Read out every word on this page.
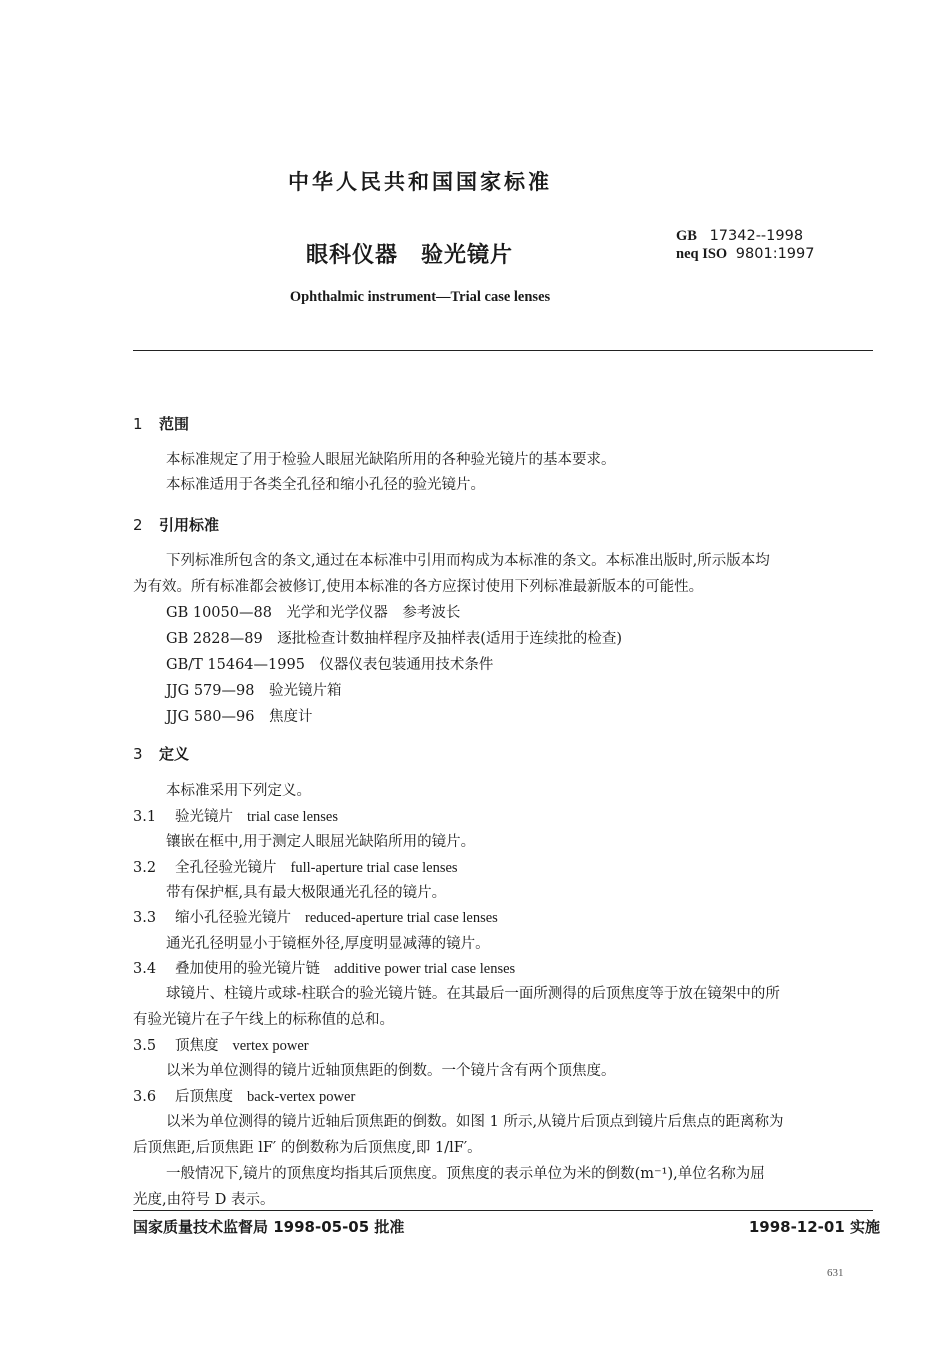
中华人民共和国国家标准
眼科仪器　验光镜片
GB 17342--1998
neq ISO 9801:1997
Ophthalmic instrument—Trial case lenses
1 范围
本标准规定了用于检验人眼屈光缺陷所用的各种验光镜片的基本要求。
本标准适用于各类全孔径和缩小孔径的验光镜片。
2 引用标准
下列标准所包含的条文,通过在本标准中引用而构成为本标准的条文。本标准出版时,所示版本均
为有效。所有标准都会被修订,使用本标准的各方应探讨使用下列标准最新版本的可能性。
GB 10050—88　光学和光学仪器　参考波长
GB 2828—89　逐批检查计数抽样程序及抽样表(适用于连续批的检查)
GB/T 15464—1995　仪器仪表包装通用技术条件
JJG 579—98　验光镜片箱
JJG 580—96　焦度计
3 定义
本标准采用下列定义。
3.1 验光镜片 trial case lenses
镶嵌在框中,用于测定人眼屈光缺陷所用的镜片。
3.2 全孔径验光镜片 full-aperture trial case lenses
带有保护框,具有最大极限通光孔径的镜片。
3.3 缩小孔径验光镜片 reduced-aperture trial case lenses
通光孔径明显小于镜框外径,厚度明显减薄的镜片。
3.4 叠加使用的验光镜片链 additive power trial case lenses
球镜片、柱镜片或球-柱联合的验光镜片链。在其最后一面所测得的后顶焦度等于放在镜架中的所
有验光镜片在子午线上的标称值的总和。
3.5 顶焦度 vertex power
以米为单位测得的镜片近轴顶焦距的倒数。一个镜片含有两个顶焦度。
3.6 后顶焦度 back-vertex power
以米为单位测得的镜片近轴后顶焦距的倒数。如图 1 所示,从镜片后顶点到镜片后焦点的距离称为
后顶焦距,后顶焦距 lF′ 的倒数称为后顶焦度,即 1/lF′。
一般情况下,镜片的顶焦度均指其后顶焦度。顶焦度的表示单位为米的倒数(m⁻¹),单位名称为屈
光度,由符号 D 表示。
国家质量技术监督局 1998-05-05 批准	1998-12-01 实施
631
